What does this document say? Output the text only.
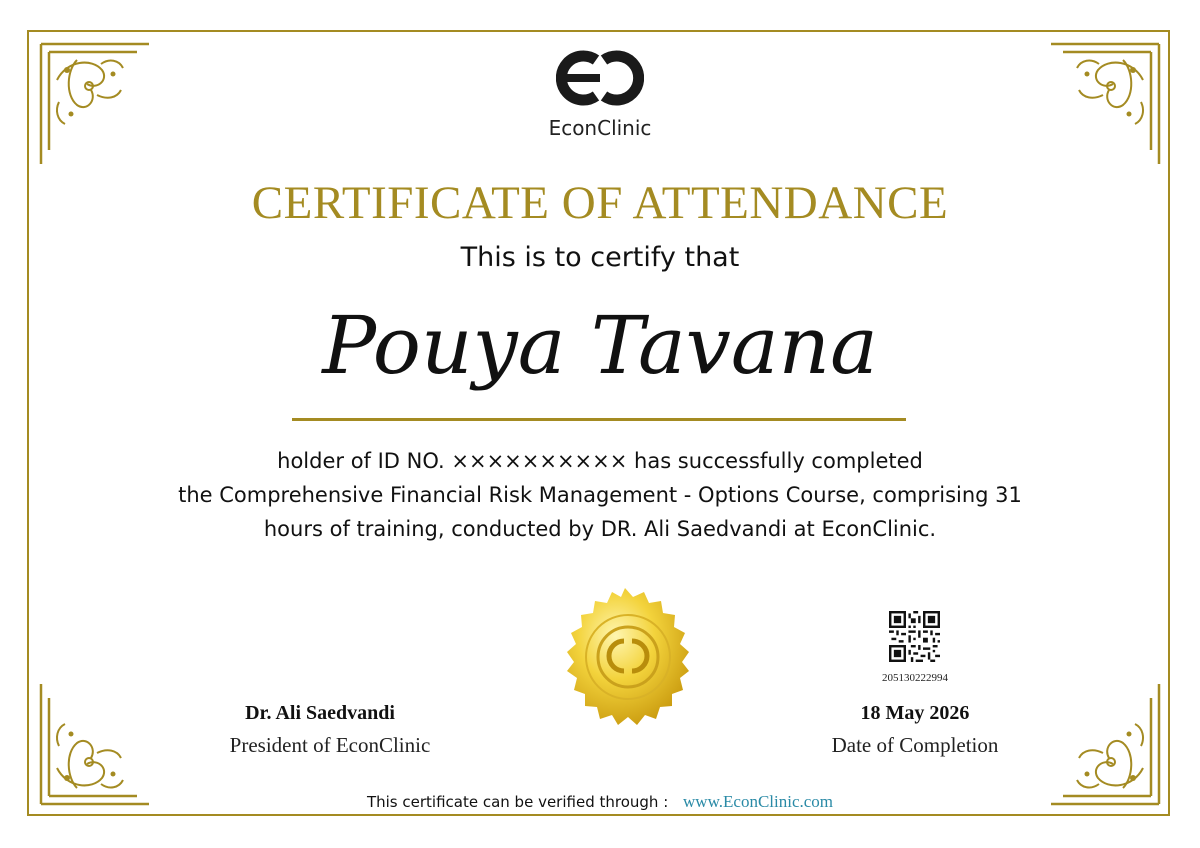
EconClinic
CERTIFICATE OF ATTENDANCE
This is to certify that
Pouya Tavana
holder of ID NO. ×××××××××× has successfully completed
the Comprehensive Financial Risk Management - Options Course, comprising 31
hours of training, conducted by DR. Ali Saedvandi at EconClinic.
205130222994
Dr. Ali Saedvandi
President of EconClinic
18 May 2026
Date of Completion
This certificate can be verified through : www.EconClinic.com
